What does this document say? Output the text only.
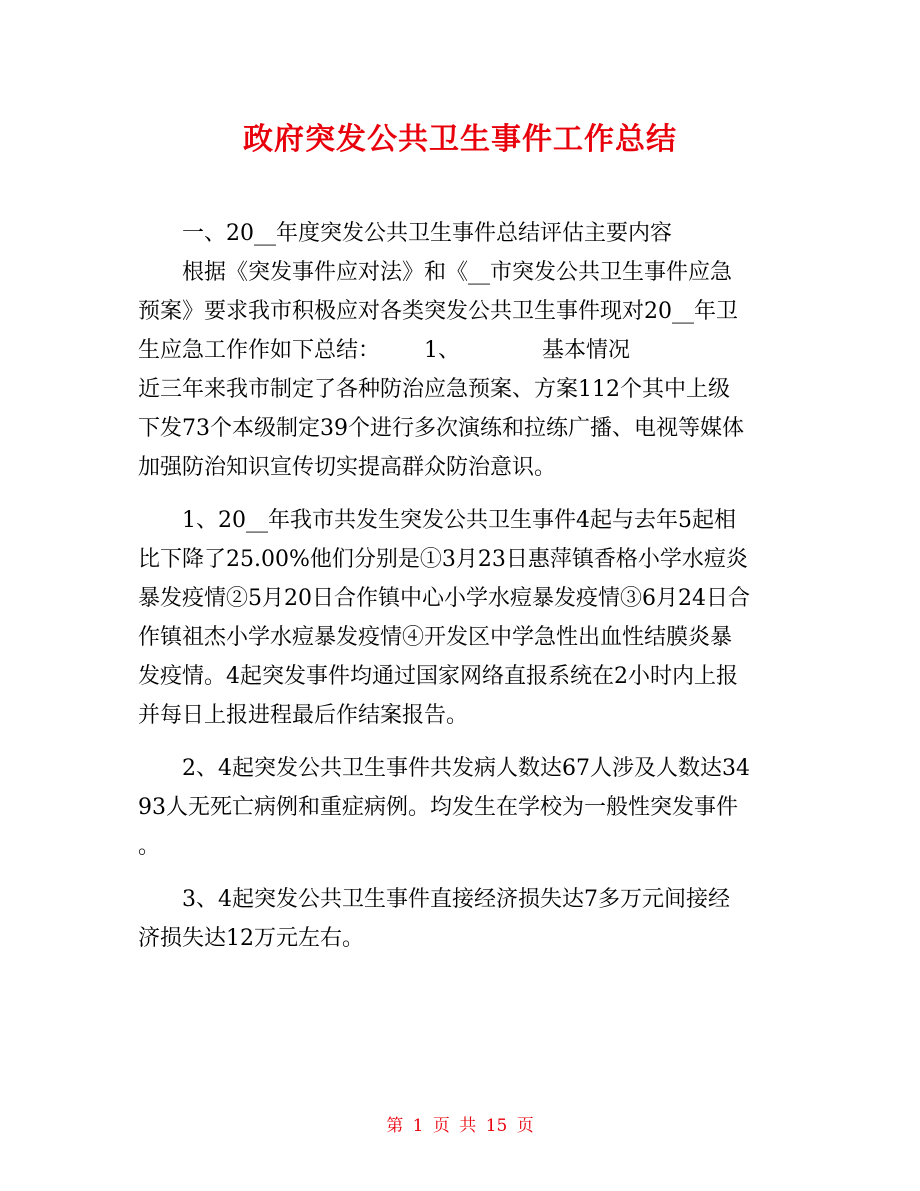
政府突发公共卫生事件工作总结
一、20__年度突发公共卫生事件总结评估主要内容
根据《突发事件应对法》和《__市突发公共卫生事件应急
预案》要求我市积极应对各类突发公共卫生事件现对20__年卫
生应急工作作如下总结： 1、	基本情况
近三年来我市制定了各种防治应急预案、方案112个其中上级
下发73个本级制定39个进行多次演练和拉练广播、电视等媒体
加强防治知识宣传切实提高群众防治意识。
1、20__年我市共发生突发公共卫生事件4起与去年5起相
比下降了25.00%他们分别是①3月23日惠萍镇香格小学水痘炎
暴发疫情②5月20日合作镇中心小学水痘暴发疫情③6月24日合
作镇祖杰小学水痘暴发疫情④开发区中学急性出血性结膜炎暴
发疫情。4起突发事件均通过国家网络直报系统在2小时内上报
并每日上报进程最后作结案报告。
2、4起突发公共卫生事件共发病人数达67人涉及人数达34
93人无死亡病例和重症病例。均发生在学校为一般性突发事件
。
3、4起突发公共卫生事件直接经济损失达7多万元间接经
济损失达12万元左右。
第 1 页 共 15 页
